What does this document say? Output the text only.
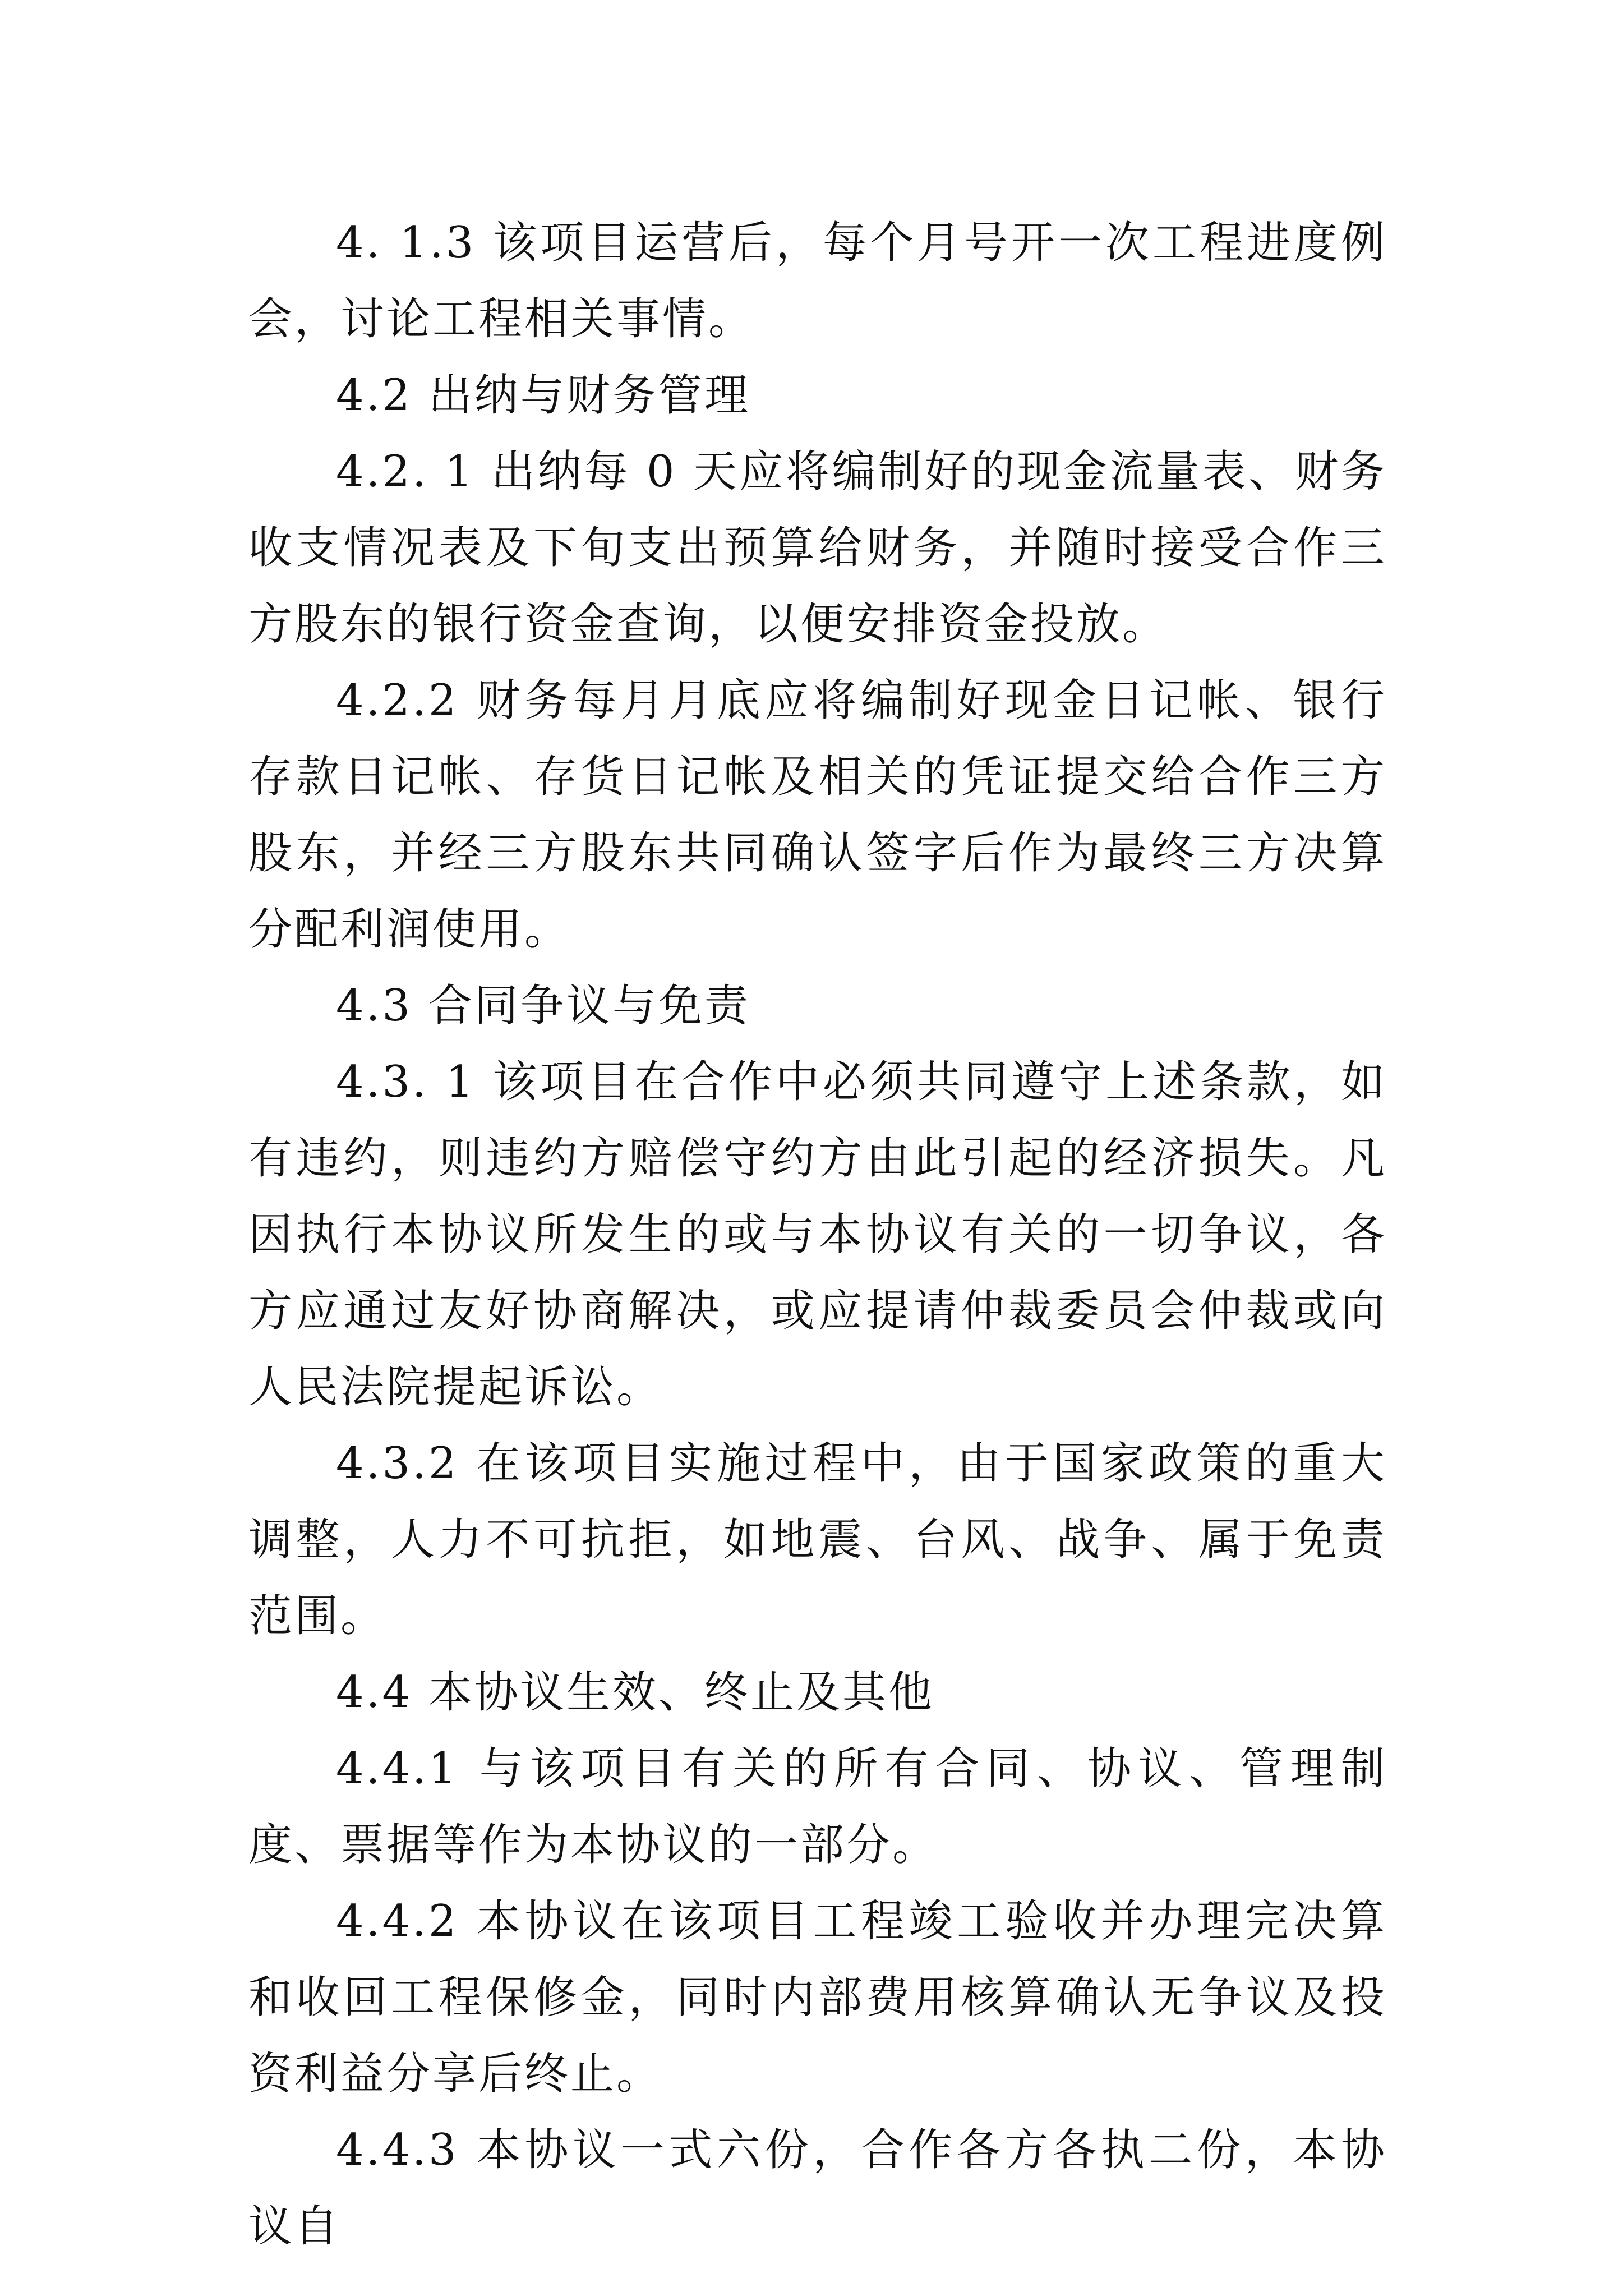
4. 1.3 该项目运营后，每个月号开一次工程进度例会，讨论工程相关事情。

4.2 出纳与财务管理

4.2. 1 出纳每 0 天应将编制好的现金流量表、财务收支情况表及下旬支出预算给财务，并随时接受合作三方股东的银行资金查询，以便安排资金投放。

4.2.2 财务每月月底应将编制好现金日记帐、银行存款日记帐、存货日记帐及相关的凭证提交给合作三方股东，并经三方股东共同确认签字后作为最终三方决算分配利润使用。

4.3 合同争议与免责

4.3. 1 该项目在合作中必须共同遵守上述条款，如有违约，则违约方赔偿守约方由此引起的经济损失。凡因执行本协议所发生的或与本协议有关的一切争议，各方应通过友好协商解决，或应提请仲裁委员会仲裁或向人民法院提起诉讼。

4.3.2 在该项目实施过程中，由于国家政策的重大调整，人力不可抗拒，如地震、台风、战争、属于免责范围。

4.4 本协议生效、终止及其他

4.4.1 与该项目有关的所有合同、协议、管理制度、票据等作为本协议的一部分。

4.4.2 本协议在该项目工程竣工验收并办理完决算和收回工程保修金，同时内部费用核算确认无争议及投资利益分享后终止。

4.4.3 本协议一式六份，合作各方各执二份，本协议自
